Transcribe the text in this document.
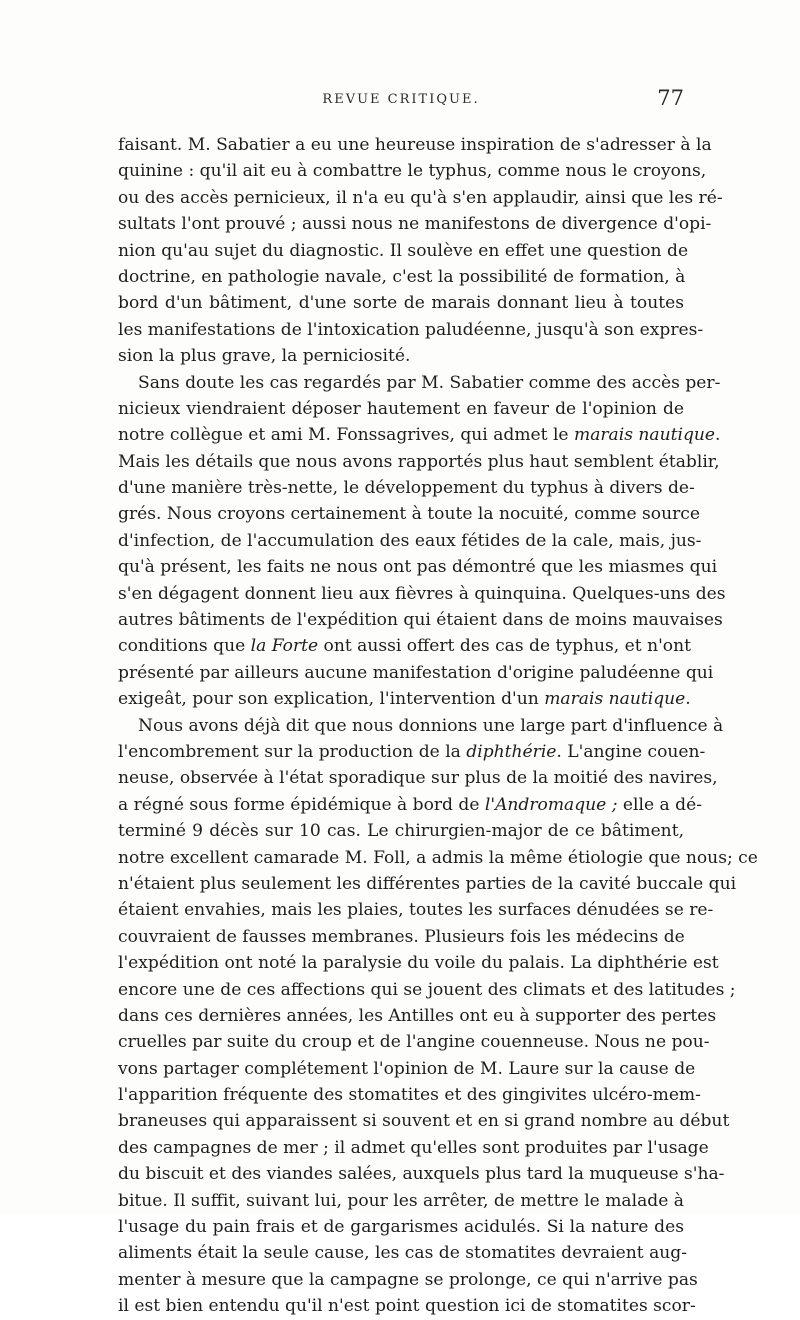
REVUE CRITIQUE.	77
faisant. M. Sabatier a eu une heureuse inspiration de s'adresser à la
quinine : qu'il ait eu à combattre le typhus, comme nous le croyons,
ou des accès pernicieux, il n'a eu qu'à s'en applaudir, ainsi que les ré-
sultats l'ont prouvé ; aussi nous ne manifestons de divergence d'opi-
nion qu'au sujet du diagnostic. Il soulève en effet une question de
doctrine, en pathologie navale, c'est la possibilité de formation, à
bord d'un bâtiment, d'une sorte de marais donnant lieu à toutes
les manifestations de l'intoxication paludéenne, jusqu'à son expres-
sion la plus grave, la perniciosité.
Sans doute les cas regardés par M. Sabatier comme des accès per-
nicieux viendraient déposer hautement en faveur de l'opinion de
notre collègue et ami M. Fonssagrives, qui admet le marais nautique.
Mais les détails que nous avons rapportés plus haut semblent établir,
d'une manière très-nette, le développement du typhus à divers de-
grés. Nous croyons certainement à toute la nocuité, comme source
d'infection, de l'accumulation des eaux fétides de la cale, mais, jus-
qu'à présent, les faits ne nous ont pas démontré que les miasmes qui
s'en dégagent donnent lieu aux fièvres à quinquina. Quelques-uns des
autres bâtiments de l'expédition qui étaient dans de moins mauvaises
conditions que la Forte ont aussi offert des cas de typhus, et n'ont
présenté par ailleurs aucune manifestation d'origine paludéenne qui
exigeât, pour son explication, l'intervention d'un marais nautique.
Nous avons déjà dit que nous donnions une large part d'influence à
l'encombrement sur la production de la diphthérie. L'angine couen-
neuse, observée à l'état sporadique sur plus de la moitié des navires,
a régné sous forme épidémique à bord de l'Andromaque ; elle a dé-
terminé 9 décès sur 10 cas. Le chirurgien-major de ce bâtiment,
notre excellent camarade M. Foll, a admis la même étiologie que nous; ce
n'étaient plus seulement les différentes parties de la cavité buccale qui
étaient envahies, mais les plaies, toutes les surfaces dénudées se re-
couvraient de fausses membranes. Plusieurs fois les médecins de
l'expédition ont noté la paralysie du voile du palais. La diphthérie est
encore une de ces affections qui se jouent des climats et des latitudes ;
dans ces dernières années, les Antilles ont eu à supporter des pertes
cruelles par suite du croup et de l'angine couenneuse. Nous ne pou-
vons partager complétement l'opinion de M. Laure sur la cause de
l'apparition fréquente des stomatites et des gingivites ulcéro-mem-
braneuses qui apparaissent si souvent et en si grand nombre au début
des campagnes de mer ; il admet qu'elles sont produites par l'usage
du biscuit et des viandes salées, auxquels plus tard la muqueuse s'ha-
bitue. Il suffit, suivant lui, pour les arrêter, de mettre le malade à
l'usage du pain frais et de gargarismes acidulés. Si la nature des
aliments était la seule cause, les cas de stomatites devraient aug-
menter à mesure que la campagne se prolonge, ce qui n'arrive pas
il est bien entendu qu'il n'est point question ici de stomatites scor-
